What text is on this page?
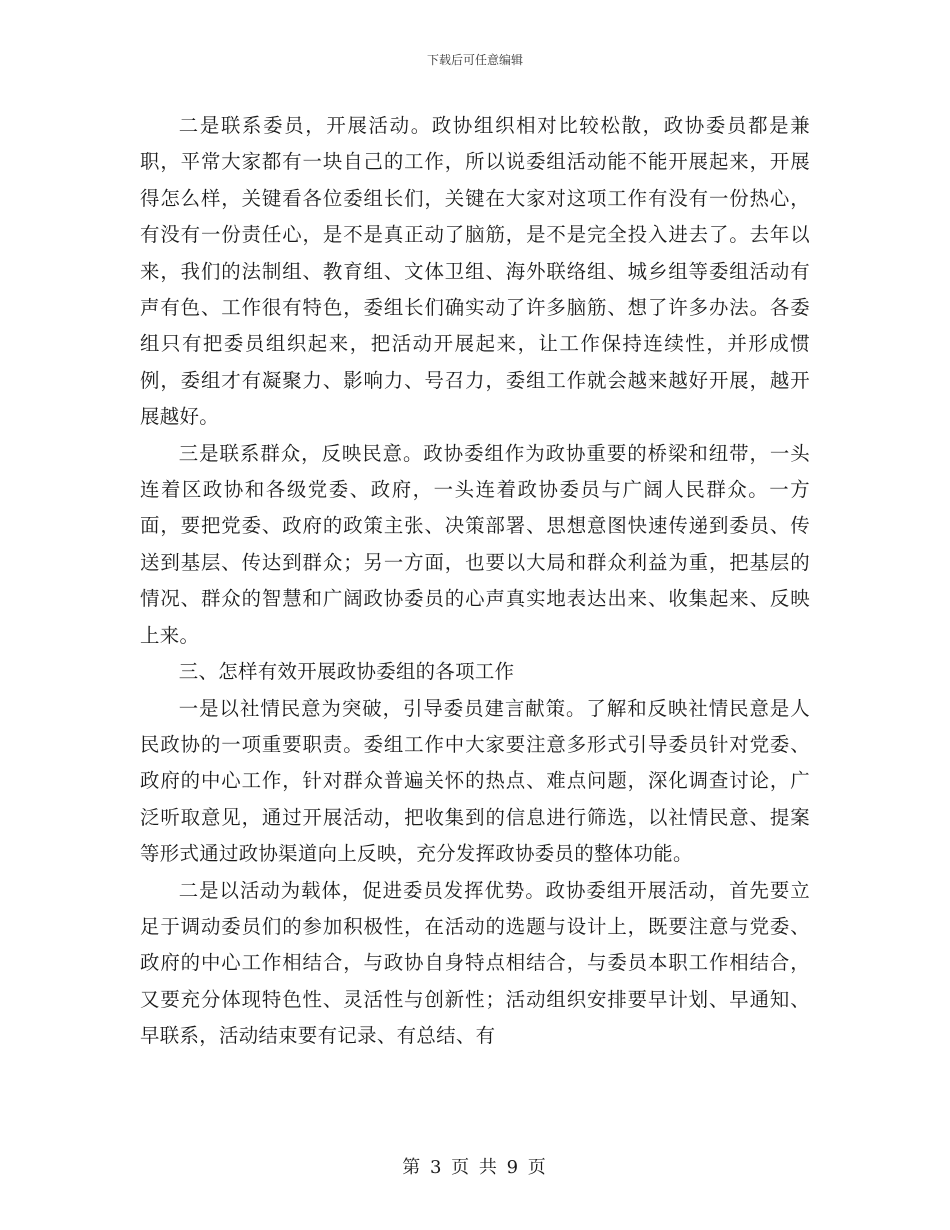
下载后可任意编辑

二是联系委员，开展活动。政协组织相对比较松散，政协委员都是兼职，平常大家都有一块自己的工作，所以说委组活动能不能开展起来，开展得怎么样，关键看各位委组长们，关键在大家对这项工作有没有一份热心，有没有一份责任心，是不是真正动了脑筋，是不是完全投入进去了。去年以来，我们的法制组、教育组、文体卫组、海外联络组、城乡组等委组活动有声有色、工作很有特色，委组长们确实动了许多脑筋、想了许多办法。各委组只有把委员组织起来，把活动开展起来，让工作保持连续性，并形成惯例，委组才有凝聚力、影响力、号召力，委组工作就会越来越好开展，越开展越好。

三是联系群众，反映民意。政协委组作为政协重要的桥梁和纽带，一头连着区政协和各级党委、政府，一头连着政协委员与广阔人民群众。一方面，要把党委、政府的政策主张、决策部署、思想意图快速传递到委员、传送到基层、传达到群众；另一方面，也要以大局和群众利益为重，把基层的情况、群众的智慧和广阔政协委员的心声真实地表达出来、收集起来、反映上来。

三、怎样有效开展政协委组的各项工作

一是以社情民意为突破，引导委员建言献策。了解和反映社情民意是人民政协的一项重要职责。委组工作中大家要注意多形式引导委员针对党委、政府的中心工作，针对群众普遍关怀的热点、难点问题，深化调查讨论，广泛听取意见，通过开展活动，把收集到的信息进行筛选，以社情民意、提案等形式通过政协渠道向上反映，充分发挥政协委员的整体功能。

二是以活动为载体，促进委员发挥优势。政协委组开展活动，首先要立足于调动委员们的参加积极性，在活动的选题与设计上，既要注意与党委、政府的中心工作相结合，与政协自身特点相结合，与委员本职工作相结合，又要充分体现特色性、灵活性与创新性；活动组织安排要早计划、早通知、早联系，活动结束要有记录、有总结、有

第 3 页 共 9 页
